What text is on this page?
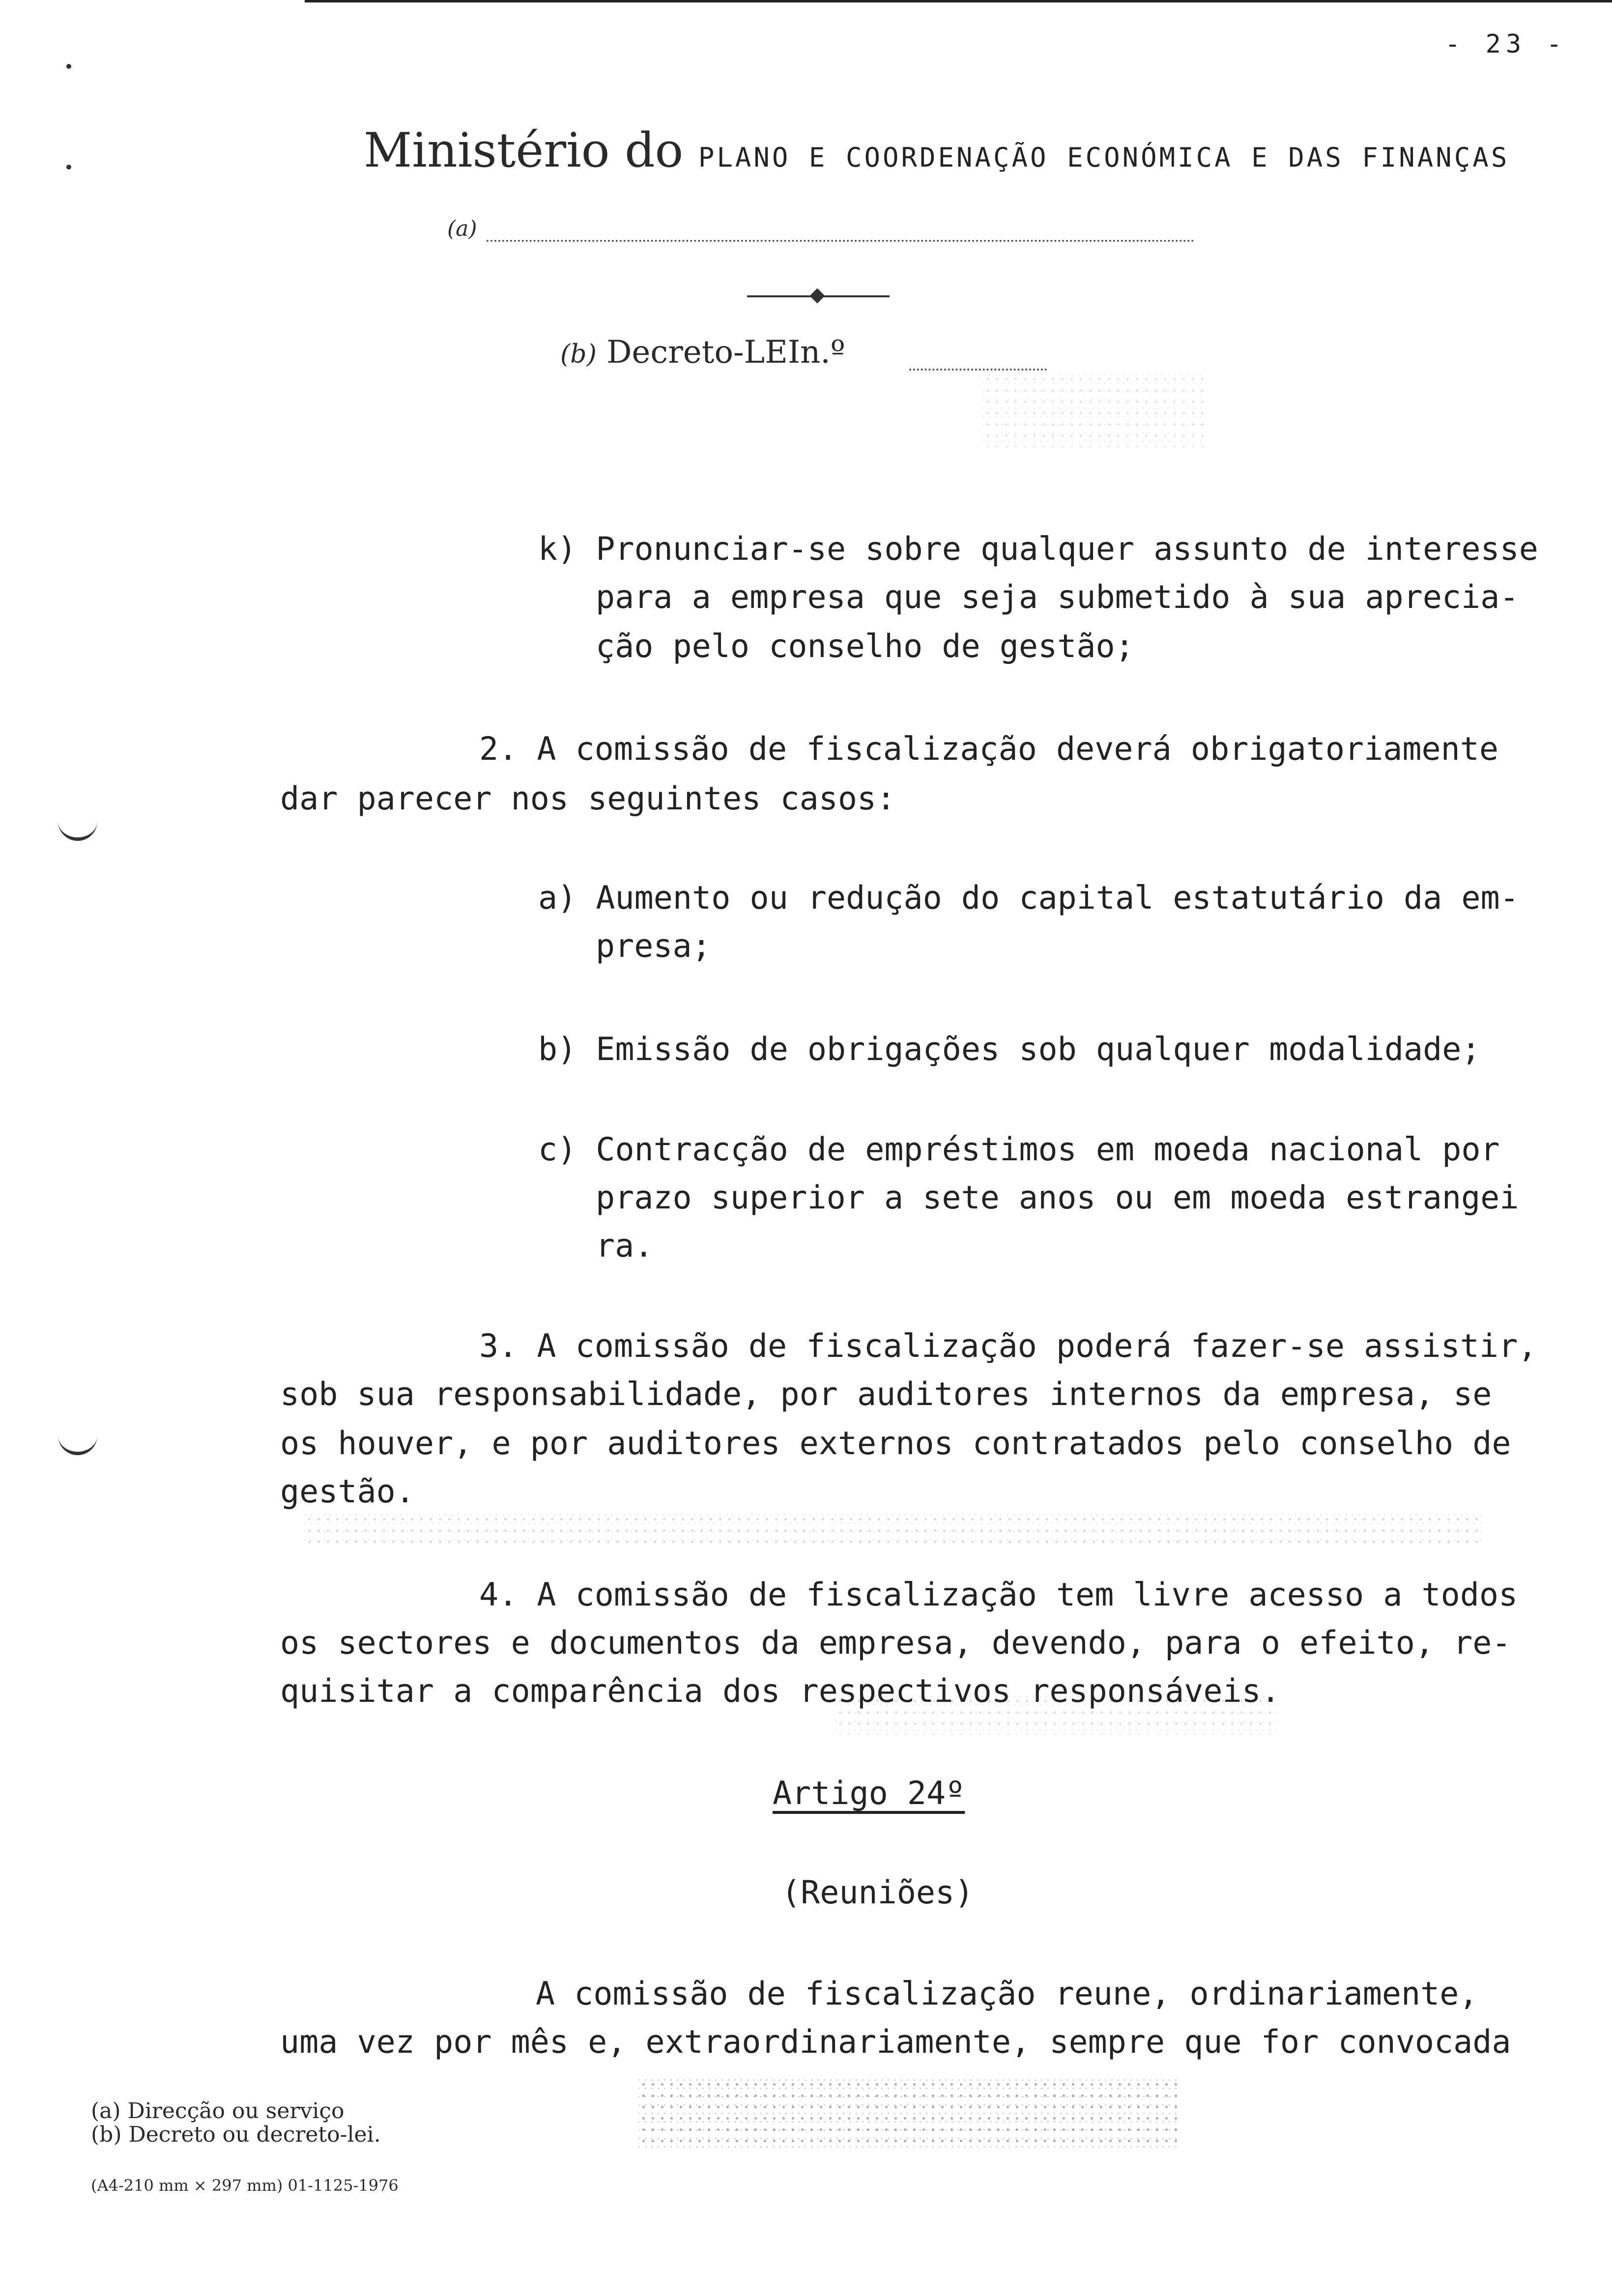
- 23 -
Ministério do PLANO E COORDENAÇÃO ECONÓMICA E DAS FINANÇAS
(a)
(b) Decreto-LEIn.º
k) Pronunciar-se sobre qualquer assunto de interesse
para a empresa que seja submetido à sua aprecia-
ção pelo conselho de gestão;
2. A comissão de fiscalização deverá obrigatoriamente
dar parecer nos seguintes casos:
a) Aumento ou redução do capital estatutário da em-
presa;
b) Emissão de obrigações sob qualquer modalidade;
c) Contracção de empréstimos em moeda nacional por
prazo superior a sete anos ou em moeda estrangei
ra.
3. A comissão de fiscalização poderá fazer-se assistir,
sob sua responsabilidade, por auditores internos da empresa, se
os houver, e por auditores externos contratados pelo conselho de
gestão.
4. A comissão de fiscalização tem livre acesso a todos
os sectores e documentos da empresa, devendo, para o efeito, re-
quisitar a comparência dos respectivos responsáveis.
Artigo 24º
(Reuniões)
A comissão de fiscalização reune, ordinariamente,
uma vez por mês e, extraordinariamente, sempre que for convocada
(a) Direcção ou serviço
(b) Decreto ou decreto-lei.
(A4-210 mm × 297 mm) 01-1125-1976
